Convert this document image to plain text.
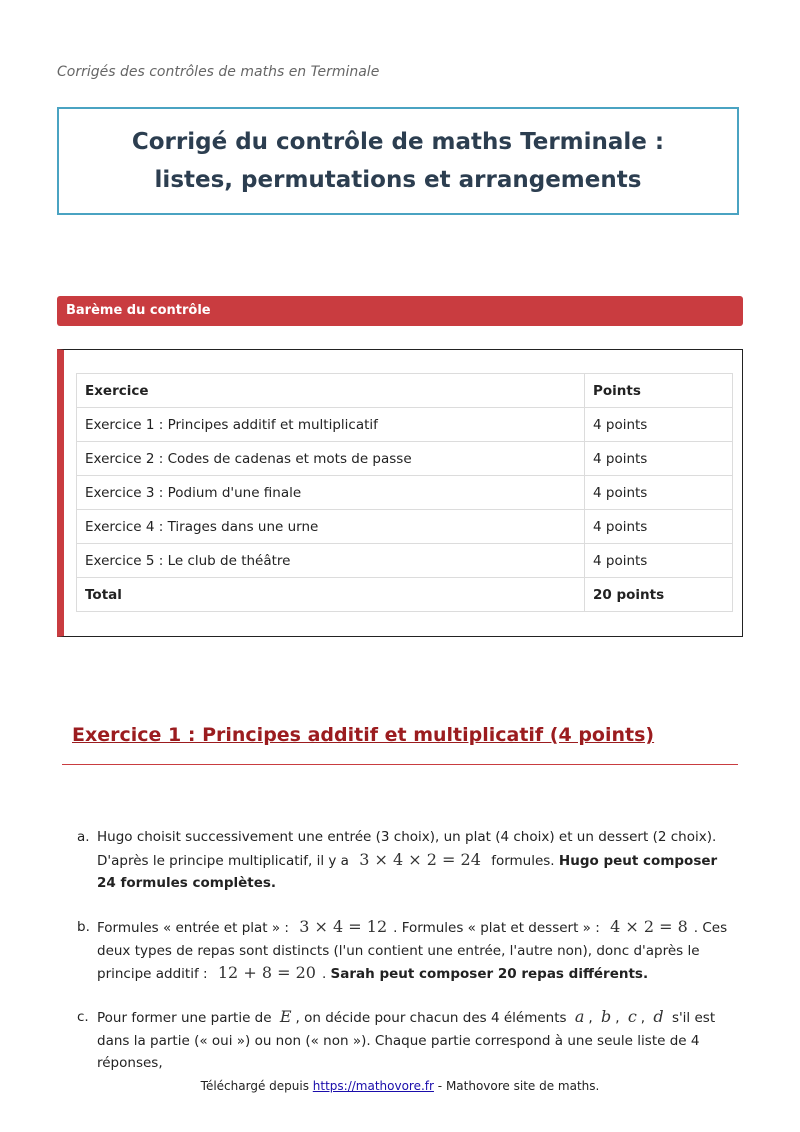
Corrigés des contrôles de maths en Terminale
Corrigé du contrôle de maths Terminale : listes, permutations et arrangements
Barème du contrôle
Exercice	Points
Exercice 1 : Principes additif et multiplicatif	4 points
Exercice 2 : Codes de cadenas et mots de passe	4 points
Exercice 3 : Podium d'une finale	4 points
Exercice 4 : Tirages dans une urne	4 points
Exercice 5 : Le club de théâtre	4 points
Total	20 points
Exercice 1 : Principes additif et multiplicatif (4 points)
a. Hugo choisit successivement une entrée (3 choix), un plat (4 choix) et un dessert (2 choix). D'après le principe multiplicatif, il y a 3 × 4 × 2 = 24 formules. Hugo peut composer 24 formules complètes.
b. Formules « entrée et plat » : 3 × 4 = 12 . Formules « plat et dessert » : 4 × 2 = 8 . Ces deux types de repas sont distincts (l'un contient une entrée, l'autre non), donc d'après le principe additif : 12 + 8 = 20 . Sarah peut composer 20 repas différents.
c. Pour former une partie de E , on décide pour chacun des 4 éléments a , b , c , d s'il est dans la partie (« oui ») ou non (« non »). Chaque partie correspond à une seule liste de 4 réponses,
Téléchargé depuis https://mathovore.fr - Mathovore site de maths.
